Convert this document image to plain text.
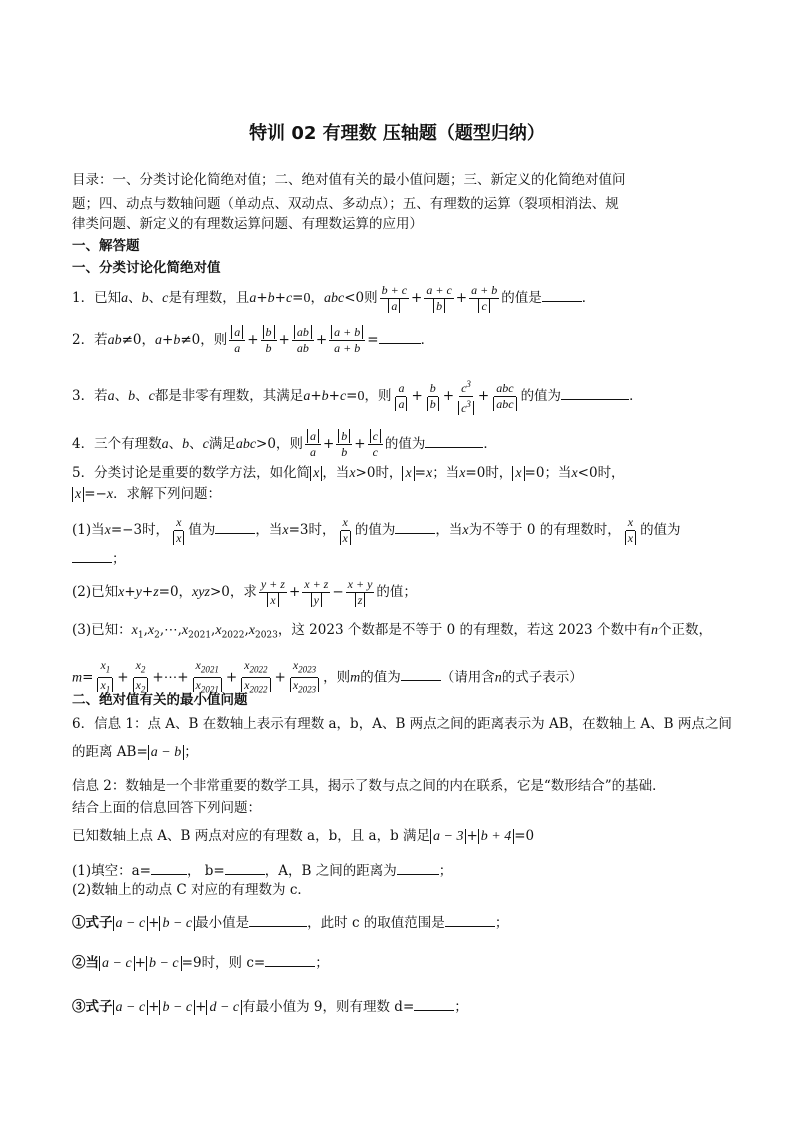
特训 02 有理数 压轴题（题型归纳）
目录：一、分类讨论化简绝对值；二、绝对值有关的最小值问题；三、新定义的化简绝对值问
题；四、动点与数轴问题（单动点、双动点、多动点）；五、有理数的运算（裂项相消法、规
律类问题、新定义的有理数运算问题、有理数运算的应用）
一、解答题
一、分类讨论化简绝对值
1．已知a、b、c是有理数，且a+b+c=0，abc<0则 $\frac{b + c}{a} + \frac{a + c}{b} + \frac{a + b}{c}$ 的值是	．
2．若ab≠0，a+b≠0，则 $\frac{a}{a} + \frac{b}{b} + \frac{ab}{ab} + \frac{a + b}{a + b}$ =	．
3．若a、b、c都是非零有理数，其满足a+b+c=0，则 $\frac{a}{a} + \frac{b}{b} + \frac{c^3}{c^3}$ + abc
abc 的值为	．
4．三个有理数a、b、c满足abc>0，则 $\frac{a}{a} + \frac{b}{b} + \frac{c}{c}$ 的值为	．
5．分类讨论是重要的数学方法，如化简 x ，当x>0时， x =x；当x=0时， x =0；当x<0时，
x =−x．求解下列问题：
(1)当x=−3时， $\frac{x}{x}$ 值为	，当x=3时， $\frac{x}{x}$ 的值为	，当x为不等于 0 的有理数时， $\frac{x}{x}$ 的值为
；
(2)已知x+y+z=0，xyz>0，求 $\frac{y + z}{x} + \frac{x + z}{y} - \frac{x + y}{z}$ 的值；
(3)已知：$x_1,x_2,\cdots,x_{2021},x_{2022},x_{2023}$，这 2023 个数都是不等于 0 的有理数，若这 2023 个数中有n个正数，
$m= \frac{x_1}{x_1} + \frac{x_2}{x_2}$ +⋯+ $\frac{x_{2021}}{x_{2021}} + \frac{x_{2022}}{x_{2022}} + \frac{x_{2023}}{x_{2023}}$ ，则m的值为	（请用含n的式子表示）
二、绝对值有关的最小值问题
6．信息 1：点 A、B 在数轴上表示有理数 a，b，A、B 两点之间的距离表示为 AB，在数轴上 A、B 两点之间
的距离 AB= a − b ；
信息 2：数轴是一个非常重要的数学工具，揭示了数与点之间的内在联系，它是“数形结合”的基础．
结合上面的信息回答下列问题：
已知数轴上点 A、B 两点对应的有理数 a，b，且 a，b 满足 a − 3 + b + 4 =0
(1)填空：a=	， b=	，A，B 之间的距离为	；
(2)数轴上的动点 C 对应的有理数为 c．
①式子 a − c + b − c 最小值是	，此时 c 的取值范围是	；
②当 a − c + b − c =9时，则 c=	；
③式子 a − c + b − c + d − c 有最小值为 9，则有理数 d=	；
